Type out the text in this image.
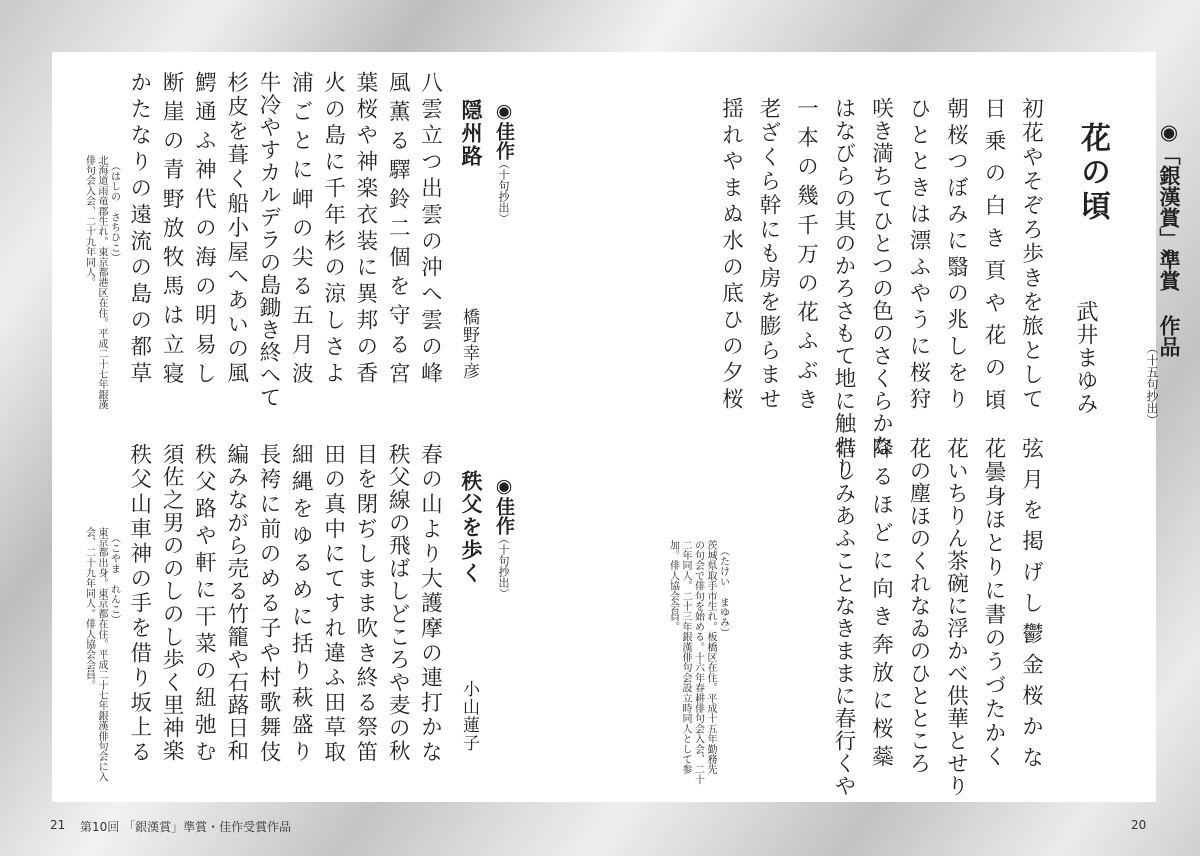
◉「銀漢賞」準賞 作品
（十五句抄出）
花の頃
武井まゆみ
初花やそぞろ歩きを旅として
日乗の白き頁や花の頃
朝桜つぼみに翳の兆しをり
ひとときは漂ふやうに桜狩
咲き満ちてひとつの色のさくらかな
はなびらの其のかろさもて地に触れり
一本の幾千万の花ふぶき
老ざくら幹にも房を膨らませ
揺れやまぬ水の底ひの夕桜
弦月を掲げし鬱金桜かな
花曇身ほとりに書のうづたかく
花いちりん茶碗に浮かべ供華とせり
花の塵ほのくれなゐのひとところ
降るほどに向き奔放に桜蘂
惜しみあふことなきままに春行くや
（たけい　まゆみ）
茨城県取手市生れ。板橋区在住。平成十五年勤務先
の句会で俳句を始める。十六年春耕俳句会入会、二十
二年同人。二十三年銀漢俳句会設立時同人として参
加。俳人協会会員。
◉佳作
（十句抄出）
隠州路
橋野幸彦
八雲立つ出雲の沖へ雲の峰
風薫る驛鈴二個を守る宮
葉桜や神楽衣装に異邦の香
火の島に千年杉の涼しさよ
浦ごとに岬の尖る五月波
牛冷やすカルデラの島鋤き終へて
杉皮を葺く船小屋へあいの風
鰐通ふ神代の海の明易し
断崖の青野放牧馬は立寝
かたなりの遠流の島の都草
（はしの　さちひこ）
北海道雨竜郡生れ。東京都港区在住。平成二十七年銀漢
俳句会入会、二十九年同人。
◉佳作
（十句抄出）
秩父を歩く
小山蓮子
春の山より大護摩の連打かな
秩父線の飛ばしどころや麦の秋
目を閉ぢしまま吹き終る祭笛
田の真中にてすれ違ふ田草取
細縄をゆるめに括り萩盛り
長袴に前のめる子や村歌舞伎
編みながら売る竹籠や石蕗日和
秩父路や軒に干菜の紐弛む
須佐之男ののしのし歩く里神楽
秩父山車神の手を借り坂上る
（こやま　れんこ）
東京都出身。東京都在住。平成二十七年銀漢俳句会に入
会、二十九年同人。俳人協会会員。
21 第10回 「銀漢賞」準賞・佳作受賞作品	20
